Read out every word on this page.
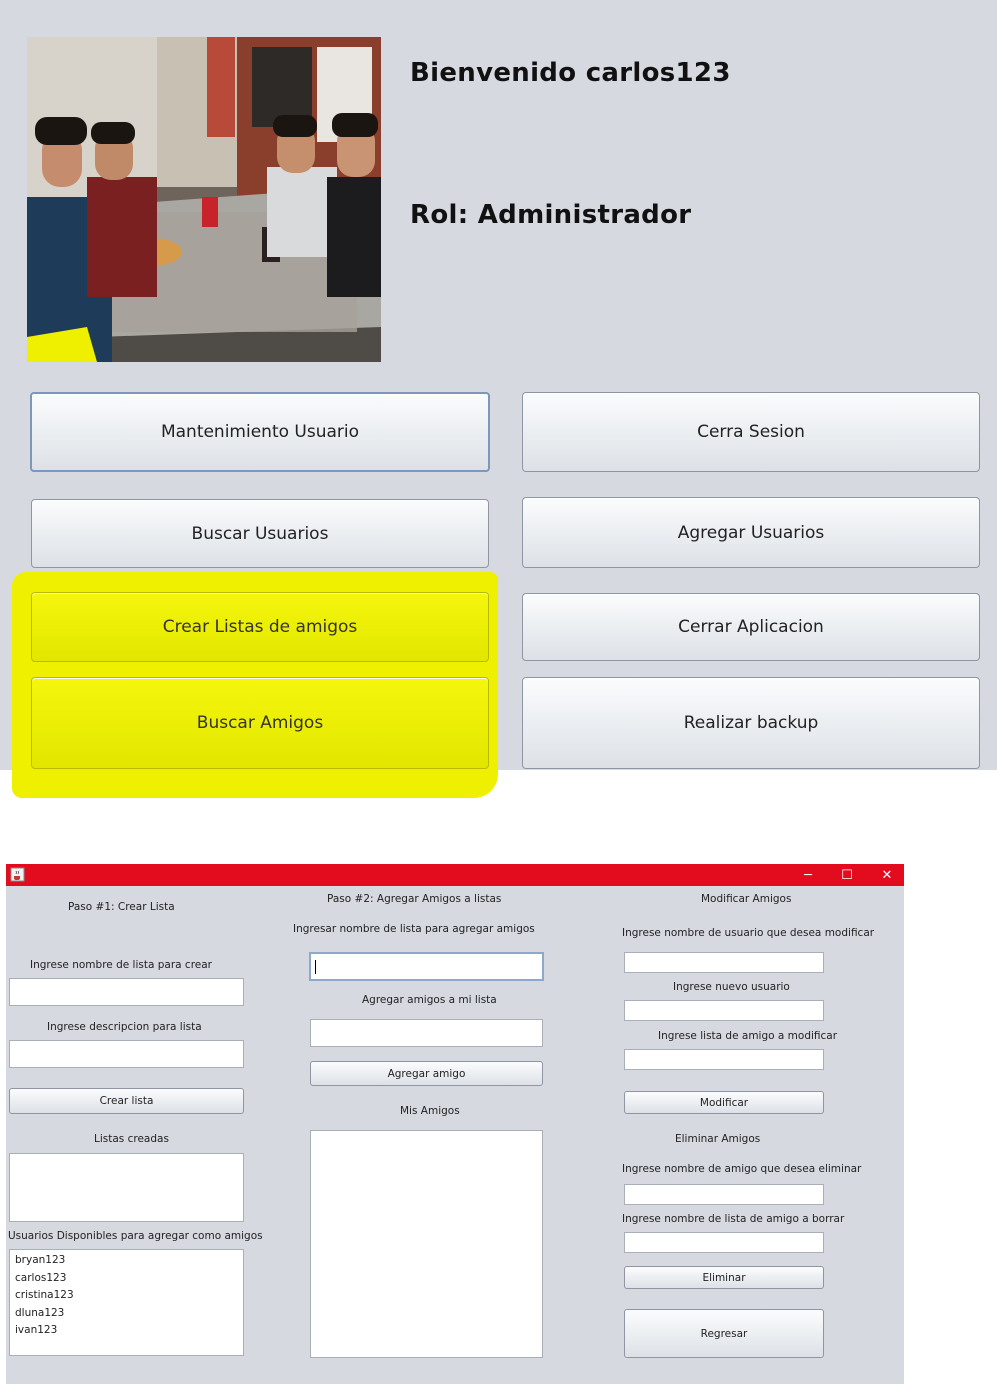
Bienvenido carlos123
Rol: Administrador
Mantenimiento Usuario	Cerra Sesion
Buscar Usuarios	Agregar Usuarios
Crear Listas de amigos	Cerrar Aplicacion
Buscar Amigos	Realizar backup
─	☐	✕
Paso #1: Crear Lista
Ingrese nombre de lista para crear
Ingrese descripcion para lista
Crear lista
Listas creadas
Usuarios Disponibles para agregar como amigos
bryan123
carlos123
cristina123
dluna123
ivan123
Paso #2: Agregar Amigos a listas
Ingresar nombre de lista para agregar amigos
Agregar amigos a mi lista
Agregar amigo
Mis Amigos
Modificar Amigos
Ingrese nombre de usuario que desea modificar
Ingrese nuevo usuario
Ingrese lista de amigo a modificar
Modificar
Eliminar Amigos
Ingrese nombre de amigo que desea eliminar
Ingrese nombre de lista de amigo a borrar
Eliminar
Regresar
